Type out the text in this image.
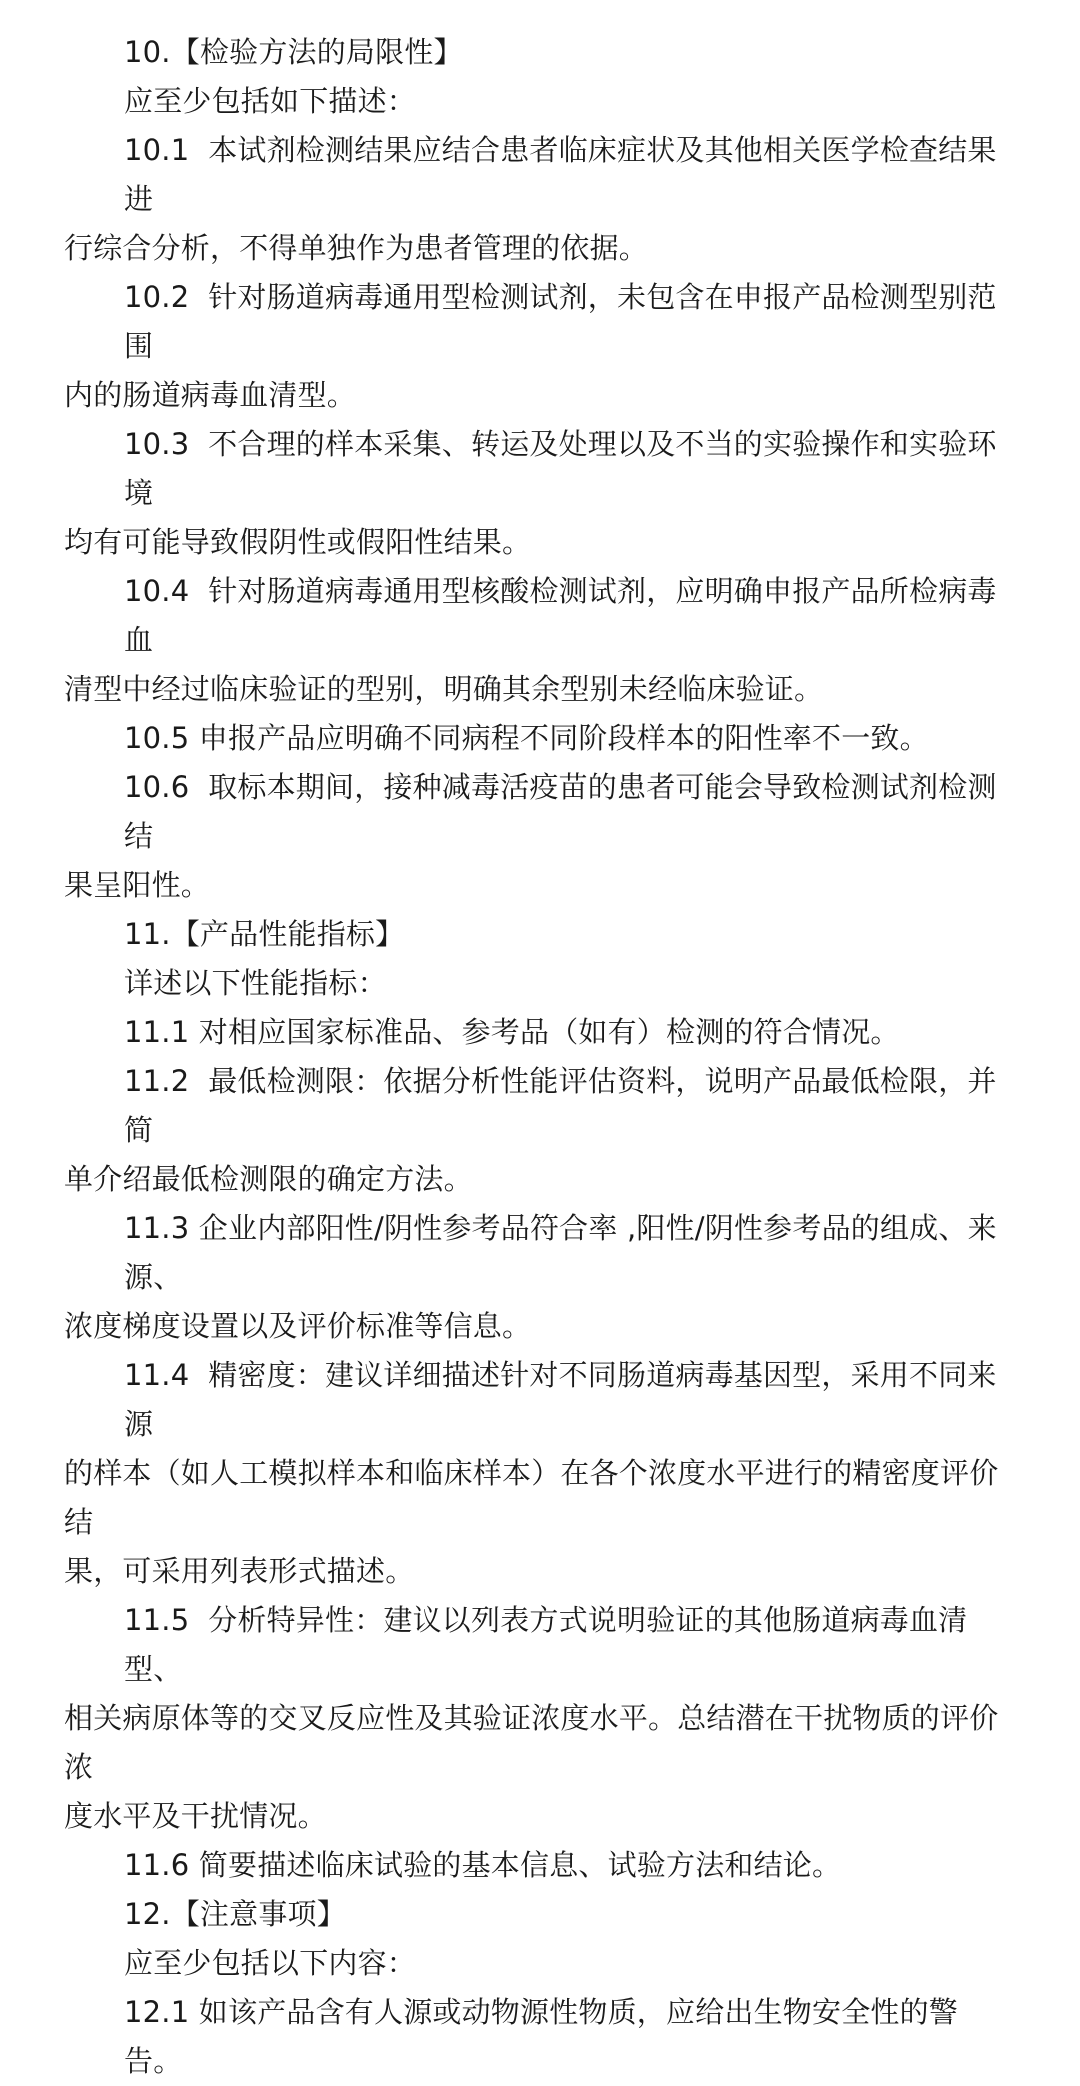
10.【检验方法的局限性】

应至少包括如下描述：

10.1  本试剂检测结果应结合患者临床症状及其他相关医学检查结果进

行综合分析，不得单独作为患者管理的依据。

10.2  针对肠道病毒通用型检测试剂，未包含在申报产品检测型别范围

内的肠道病毒血清型。

10.3  不合理的样本采集、转运及处理以及不当的实验操作和实验环境

均有可能导致假阴性或假阳性结果。

10.4  针对肠道病毒通用型核酸检测试剂，应明确申报产品所检病毒血

清型中经过临床验证的型别，明确其余型别未经临床验证。

10.5 申报产品应明确不同病程不同阶段样本的阳性率不一致。

10.6  取标本期间，接种减毒活疫苗的患者可能会导致检测试剂检测结

果呈阳性。

11.【产品性能指标】

详述以下性能指标：

11.1 对相应国家标准品、参考品（如有）检测的符合情况。

11.2  最低检测限：依据分析性能评估资料，说明产品最低检限，并简

单介绍最低检测限的确定方法。

11.3 企业内部阳性/阴性参考品符合率 ,阳性/阴性参考品的组成、来源、

浓度梯度设置以及评价标准等信息。

11.4  精密度：建议详细描述针对不同肠道病毒基因型，采用不同来源

的样本（如人工模拟样本和临床样本）在各个浓度水平进行的精密度评价结

果，可采用列表形式描述。

11.5  分析特异性：建议以列表方式说明验证的其他肠道病毒血清型、

相关病原体等的交叉反应性及其验证浓度水平。总结潜在干扰物质的评价浓

度水平及干扰情况。

11.6 简要描述临床试验的基本信息、试验方法和结论。

12.【注意事项】

应至少包括以下内容：

12.1 如该产品含有人源或动物源性物质，应给出生物安全性的警告。
